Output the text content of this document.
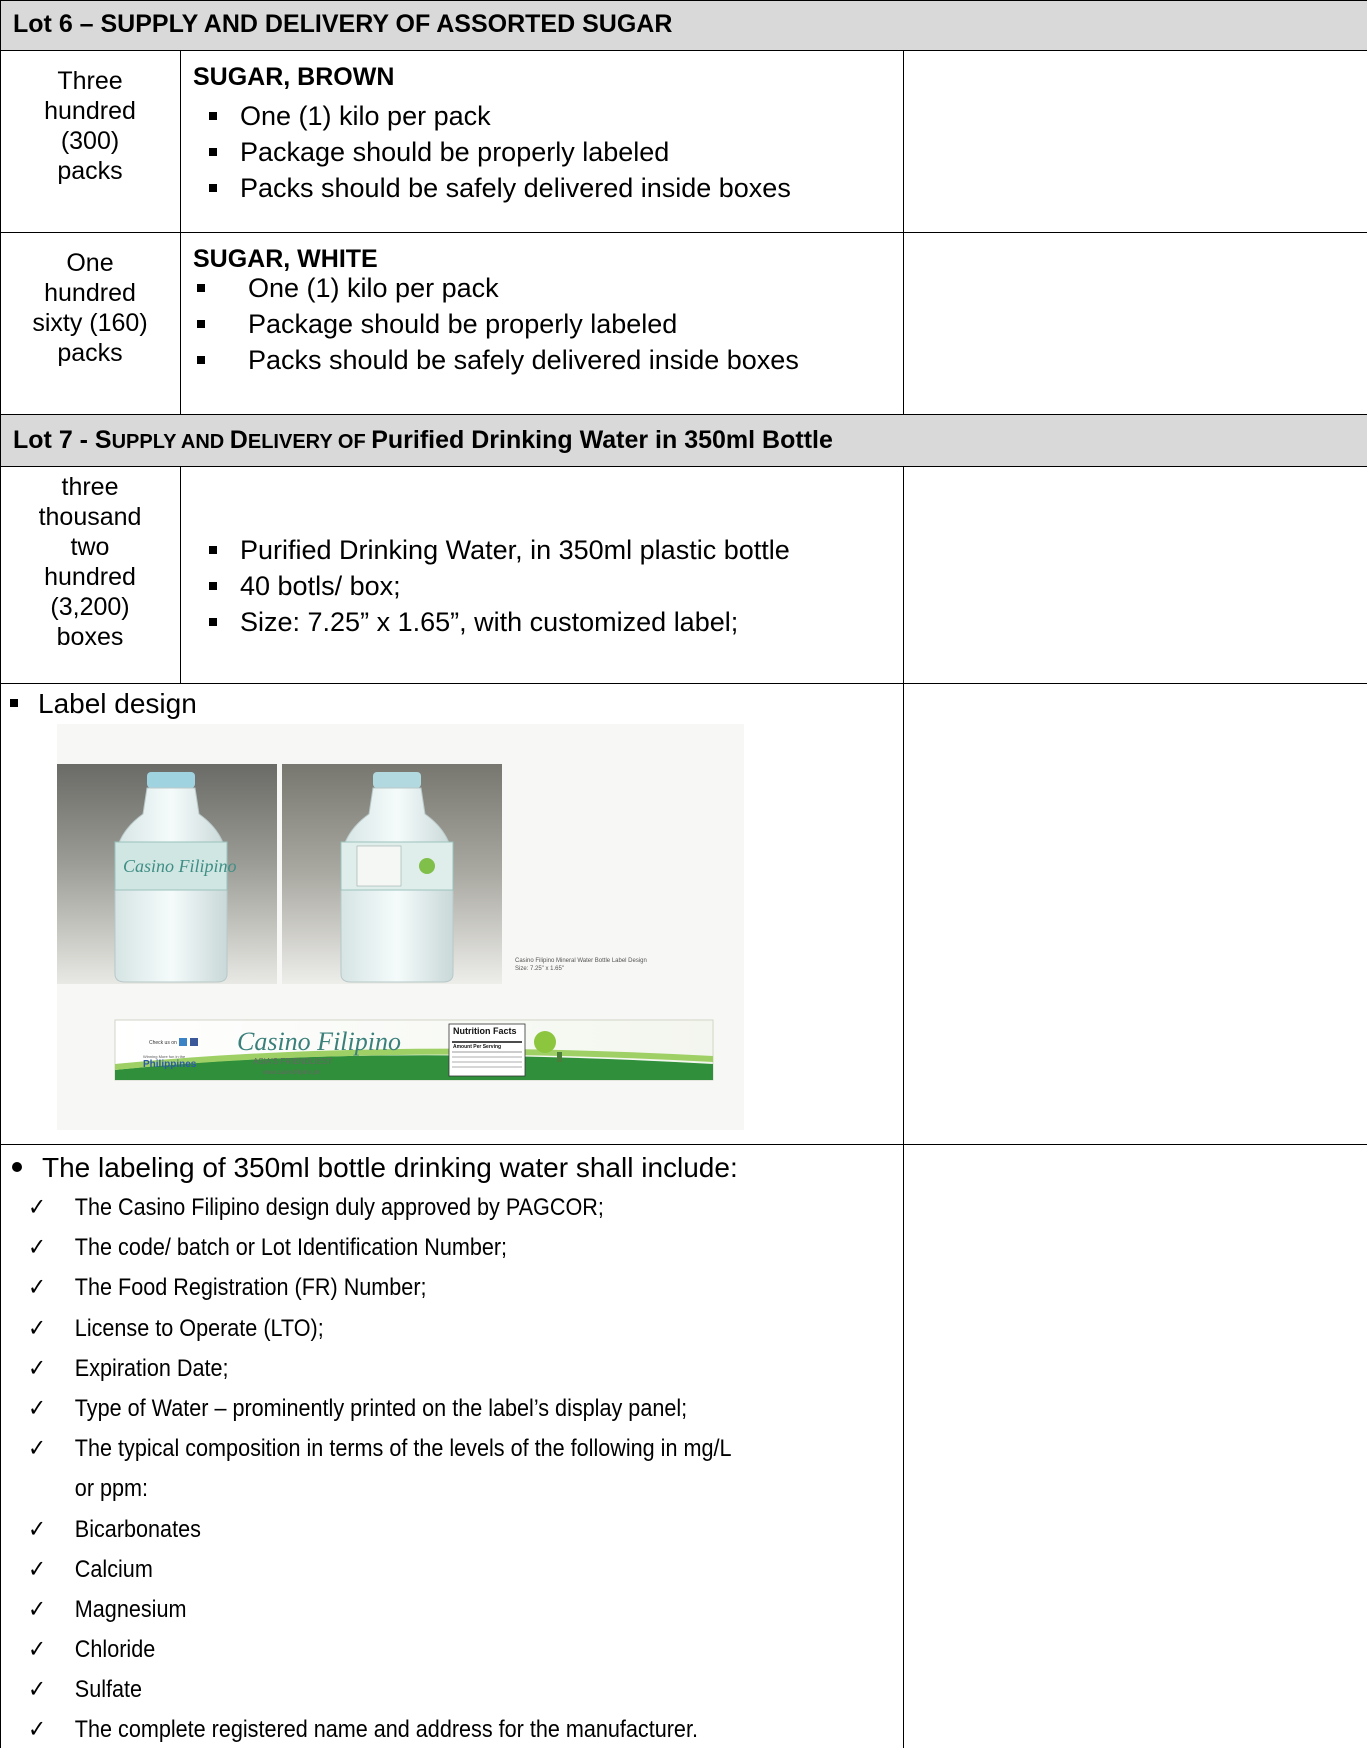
Lot 6 – SUPPLY AND DELIVERY OF ASSORTED SUGAR
Three
hundred
(300)
packs
SUGAR, BROWN
One (1) kilo per pack
Package should be properly labeled
Packs should be safely delivered inside boxes
One
hundred
sixty (160)
packs
SUGAR, WHITE
One (1) kilo per pack
Package should be properly labeled
Packs should be safely delivered inside boxes
Lot 7 - SUPPLY AND DELIVERY OF Purified Drinking Water in 350ml Bottle
three
thousand
two
hundred
(3,200)
boxes
Purified Drinking Water, in 350ml plastic bottle
40 botls/ box;
Size: 7.25” x 1.65”, with customized label;
Label design
Casino Filipino
Casino Filipino Mineral Water Bottle Label Design
Size: 7.25" x 1.65"
Check us on
Winning More fun in the
Philippines
Casino Filipino
ASIA'S FRIENDLIEST
www.casinofilipino.ph
Nutrition Facts
Amount Per Serving
The labeling of 350ml bottle drinking water shall include:
✓ The Casino Filipino design duly approved by PAGCOR;
✓ The code/ batch or Lot Identification Number;
✓ The Food Registration (FR) Number;
✓ License to Operate (LTO);
✓ Expiration Date;
✓ Type of Water – prominently printed on the label’s display panel;
✓ The typical composition in terms of the levels of the following in mg/L
or ppm:
✓ Bicarbonates
✓ Calcium
✓ Magnesium
✓ Chloride
✓ Sulfate
✓ The complete registered name and address for the manufacturer.
